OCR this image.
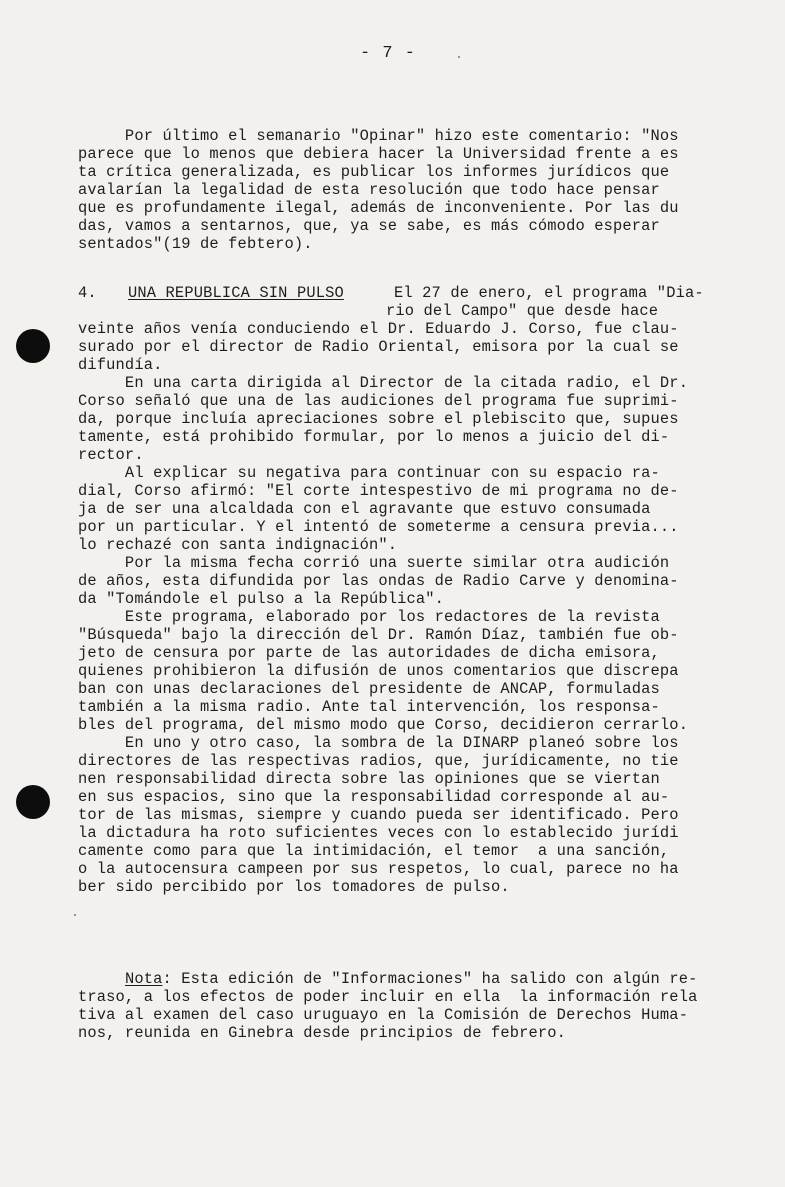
- 7 -
Por último el semanario "Opinar" hizo este comentario: "Nos
parece que lo menos que debiera hacer la Universidad frente a es
ta crítica generalizada, es publicar los informes jurídicos que
avalarían la legalidad de esta resolución que todo hace pensar
que es profundamente ilegal, además de inconveniente. Por las du
das, vamos a sentarnos, que, ya se sabe, es más cómodo esperar
sentados"(19 de febtero).
4. UNA REPUBLICA SIN PULSO	El 27 de enero, el programa "Dia-
rio del Campo" que desde hace
veinte años venía conduciendo el Dr. Eduardo J. Corso, fue clau-
surado por el director de Radio Oriental, emisora por la cual se
difundía.
En una carta dirigida al Director de la citada radio, el Dr.
Corso señaló que una de las audiciones del programa fue suprimi-
da, porque incluía apreciaciones sobre el plebiscito que, supues
tamente, está prohibido formular, por lo menos a juicio del di-
rector.
Al explicar su negativa para continuar con su espacio ra-
dial, Corso afirmó: "El corte intespestivo de mi programa no de-
ja de ser una alcaldada con el agravante que estuvo consumada
por un particular. Y el intentó de someterme a censura previa...
lo rechazé con santa indignación".
Por la misma fecha corrió una suerte similar otra audición
de años, esta difundida por las ondas de Radio Carve y denomina-
da "Tomándole el pulso a la República".
Este programa, elaborado por los redactores de la revista
"Búsqueda" bajo la dirección del Dr. Ramón Díaz, también fue ob-
jeto de censura por parte de las autoridades de dicha emisora,
quienes prohibieron la difusión de unos comentarios que discrepa
ban con unas declaraciones del presidente de ANCAP, formuladas
también a la misma radio. Ante tal intervención, los responsa-
bles del programa, del mismo modo que Corso, decidieron cerrarlo.
En uno y otro caso, la sombra de la DINARP planeó sobre los
directores de las respectivas radios, que, jurídicamente, no tie
nen responsabilidad directa sobre las opiniones que se viertan
en sus espacios, sino que la responsabilidad corresponde al au-
tor de las mismas, siempre y cuando pueda ser identificado. Pero
la dictadura ha roto suficientes veces con lo establecido jurídi
camente como para que la intimidación, el temor  a una sanción,
o la autocensura campeen por sus respetos, lo cual, parece no ha
ber sido percibido por los tomadores de pulso.
Nota: Esta edición de "Informaciones" ha salido con algún re-
traso, a los efectos de poder incluir en ella  la información rela
tiva al examen del caso uruguayo en la Comisión de Derechos Huma-
nos, reunida en Ginebra desde principios de febrero.
